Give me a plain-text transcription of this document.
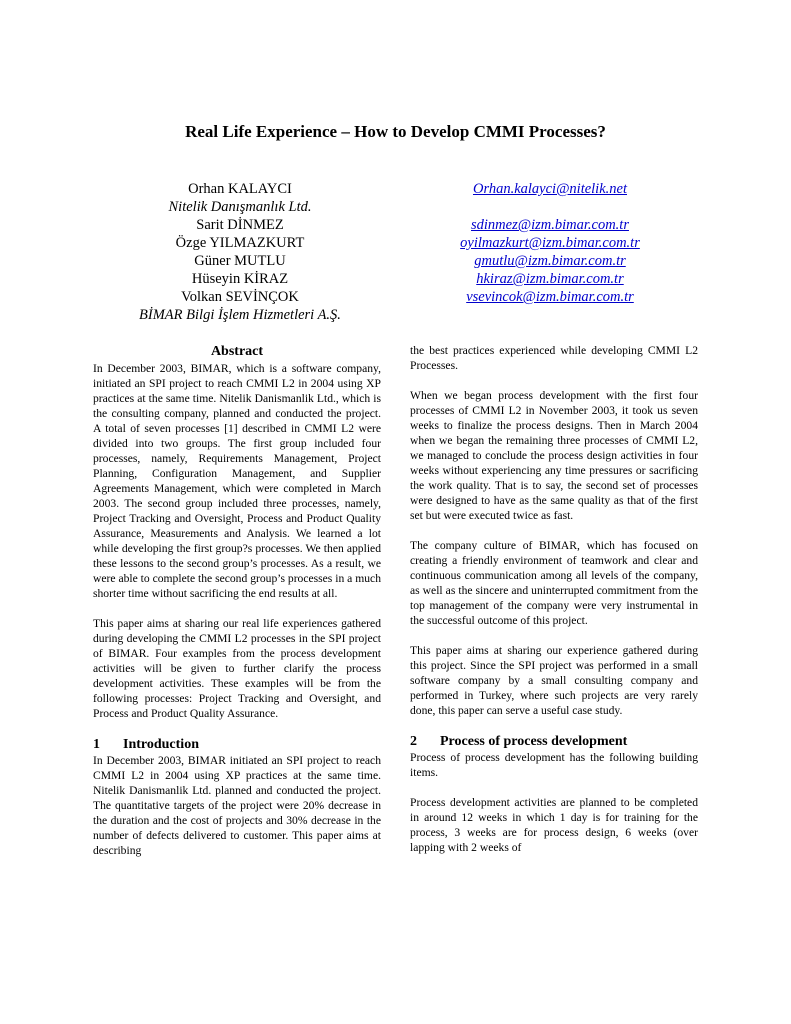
Real Life Experience – How to Develop CMMI Processes?
Orhan KALAYCI
Nitelik Danışmanlık Ltd.
Sarit DİNMEZ
Özge YILMAZKURT
Güner MUTLU
Hüseyin KİRAZ
Volkan SEVİNÇOK
BİMAR Bilgi İşlem Hizmetleri A.Ş.
Orhan.kalayci@nitelik.net
sdinmez@izm.bimar.com.tr
oyilmazkurt@izm.bimar.com.tr
gmutlu@izm.bimar.com.tr
hkiraz@izm.bimar.com.tr
vsevincok@izm.bimar.com.tr
Abstract

In December 2003, BIMAR, which is a software company, initiated an SPI project to reach CMMI L2 in 2004 using XP practices at the same time. Nitelik Danismanlik Ltd., which is the consulting company, planned and conducted the project. A total of seven processes [1] described in CMMI L2 were divided into two groups. The first group included four processes, namely, Requirements Management, Project Planning, Configuration Management, and Supplier Agreements Management, which were completed in March 2003. The second group included three processes, namely, Project Tracking and Oversight, Process and Product Quality Assurance, Measurements and Analysis. We learned a lot while developing the first group?s processes. We then applied these lessons to the second group’s processes. As a result, we were able to complete the second group’s processes in a much shorter time without sacrificing the end results at all.

This paper aims at sharing our real life experiences gathered during developing the CMMI L2 processes in the SPI project of BIMAR. Four examples from the process development activities will be given to further clarify the process development activities. These examples will be from the following processes: Project Tracking and Oversight, and Process and Product Quality Assurance.

1 Introduction

In December 2003, BIMAR initiated an SPI project to reach CMMI L2 in 2004 using XP practices at the same time. Nitelik Danismanlik Ltd. planned and conducted the project. The quantitative targets of the project were 20% decrease in the duration and the cost of projects and 30% decrease in the number of defects delivered to customer. This paper aims at describing

the best practices experienced while developing CMMI L2 Processes.

When we began process development with the first four processes of CMMI L2 in November 2003, it took us seven weeks to finalize the process designs. Then in March 2004 when we began the remaining three processes of CMMI L2, we managed to conclude the process design activities in four weeks without experiencing any time pressures or sacrificing the work quality. That is to say, the second set of processes were designed to have as the same quality as that of the first set but were executed twice as fast.

The company culture of BIMAR, which has focused on creating a friendly environment of teamwork and clear and continuous communication among all levels of the company, as well as the sincere and uninterrupted commitment from the top management of the company were very instrumental in the successful outcome of this project.

This paper aims at sharing our experience gathered during this project. Since the SPI project was performed in a small software company by a small consulting company and performed in Turkey, where such projects are very rarely done, this paper can serve a useful case study.

2 Process of process development

Process of process development has the following building items.

Process development activities are planned to be completed in around 12 weeks in which 1 day is for training for the process, 3 weeks are for process design, 6 weeks (over lapping with 2 weeks of
